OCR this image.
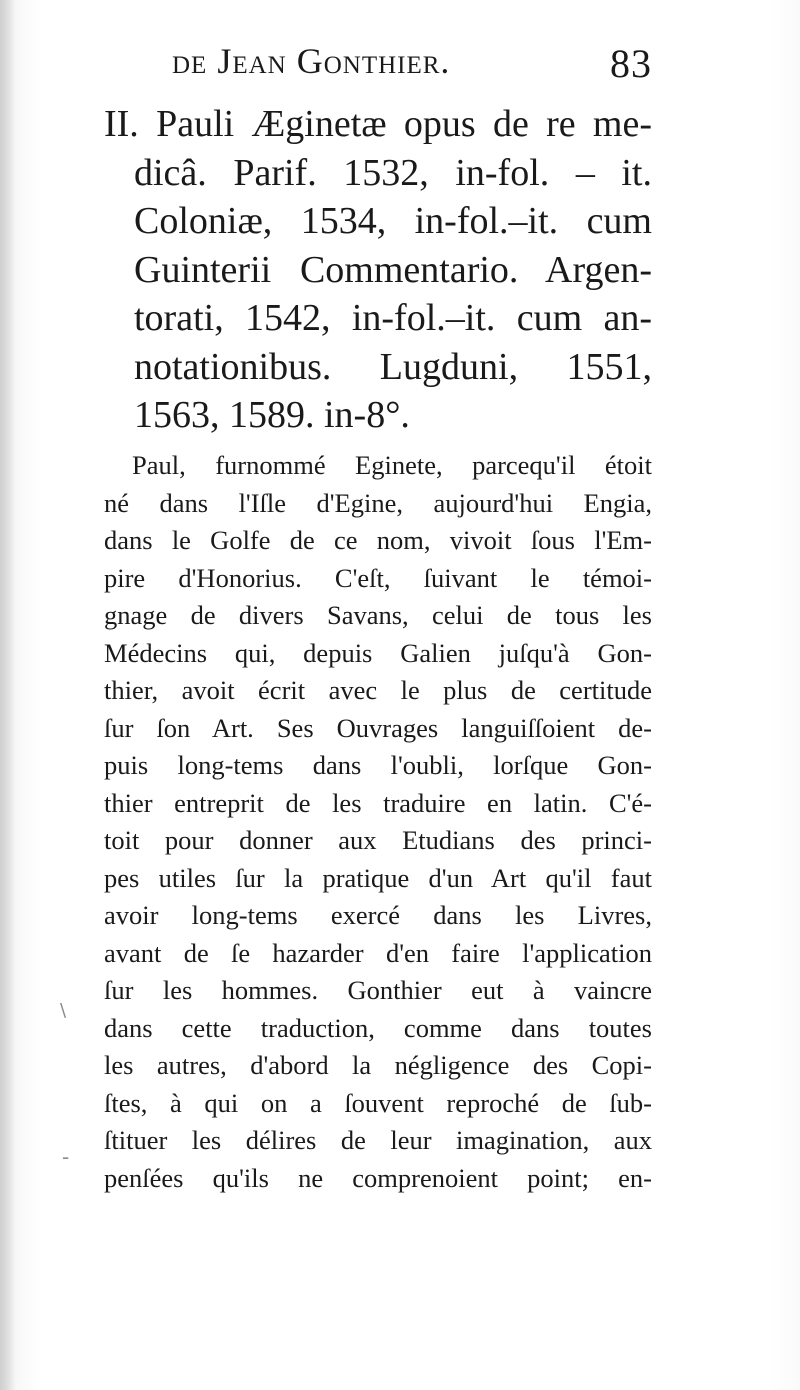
de Jean Gonthier.	83
II. Pauli Æginetæ opus de re me-
dicâ. Parif. 1532, in-fol. – it.
Coloniæ, 1534, in-fol.–it. cum
Guinterii Commentario. Argen-
torati, 1542, in-fol.–it. cum an-
notationibus. Lugduni, 1551,
1563, 1589. in-8°.
Paul, furnommé Eginete, parcequ'il étoit
né dans l'Iſle d'Egine, aujourd'hui Engia,
dans le Golfe de ce nom, vivoit ſous l'Em-
pire d'Honorius. C'eſt, ſuivant le témoi-
gnage de divers Savans, celui de tous les
Médecins qui, depuis Galien juſqu'à Gon-
thier, avoit écrit avec le plus de certitude
ſur ſon Art. Ses Ouvrages languiſſoient de-
puis long-tems dans l'oubli, lorſque Gon-
thier entreprit de les traduire en latin. C'é-
toit pour donner aux Etudians des princi-
pes utiles ſur la pratique d'un Art qu'il faut
avoir long-tems exercé dans les Livres,
avant de ſe hazarder d'en faire l'application
ſur les hommes. Gonthier eut à vaincre
dans cette traduction, comme dans toutes
les autres, d'abord la négligence des Copi-
ſtes, à qui on a ſouvent reproché de ſub-
ſtituer les délires de leur imagination, aux
penſées qu'ils ne comprenoient point; en-
\
-
